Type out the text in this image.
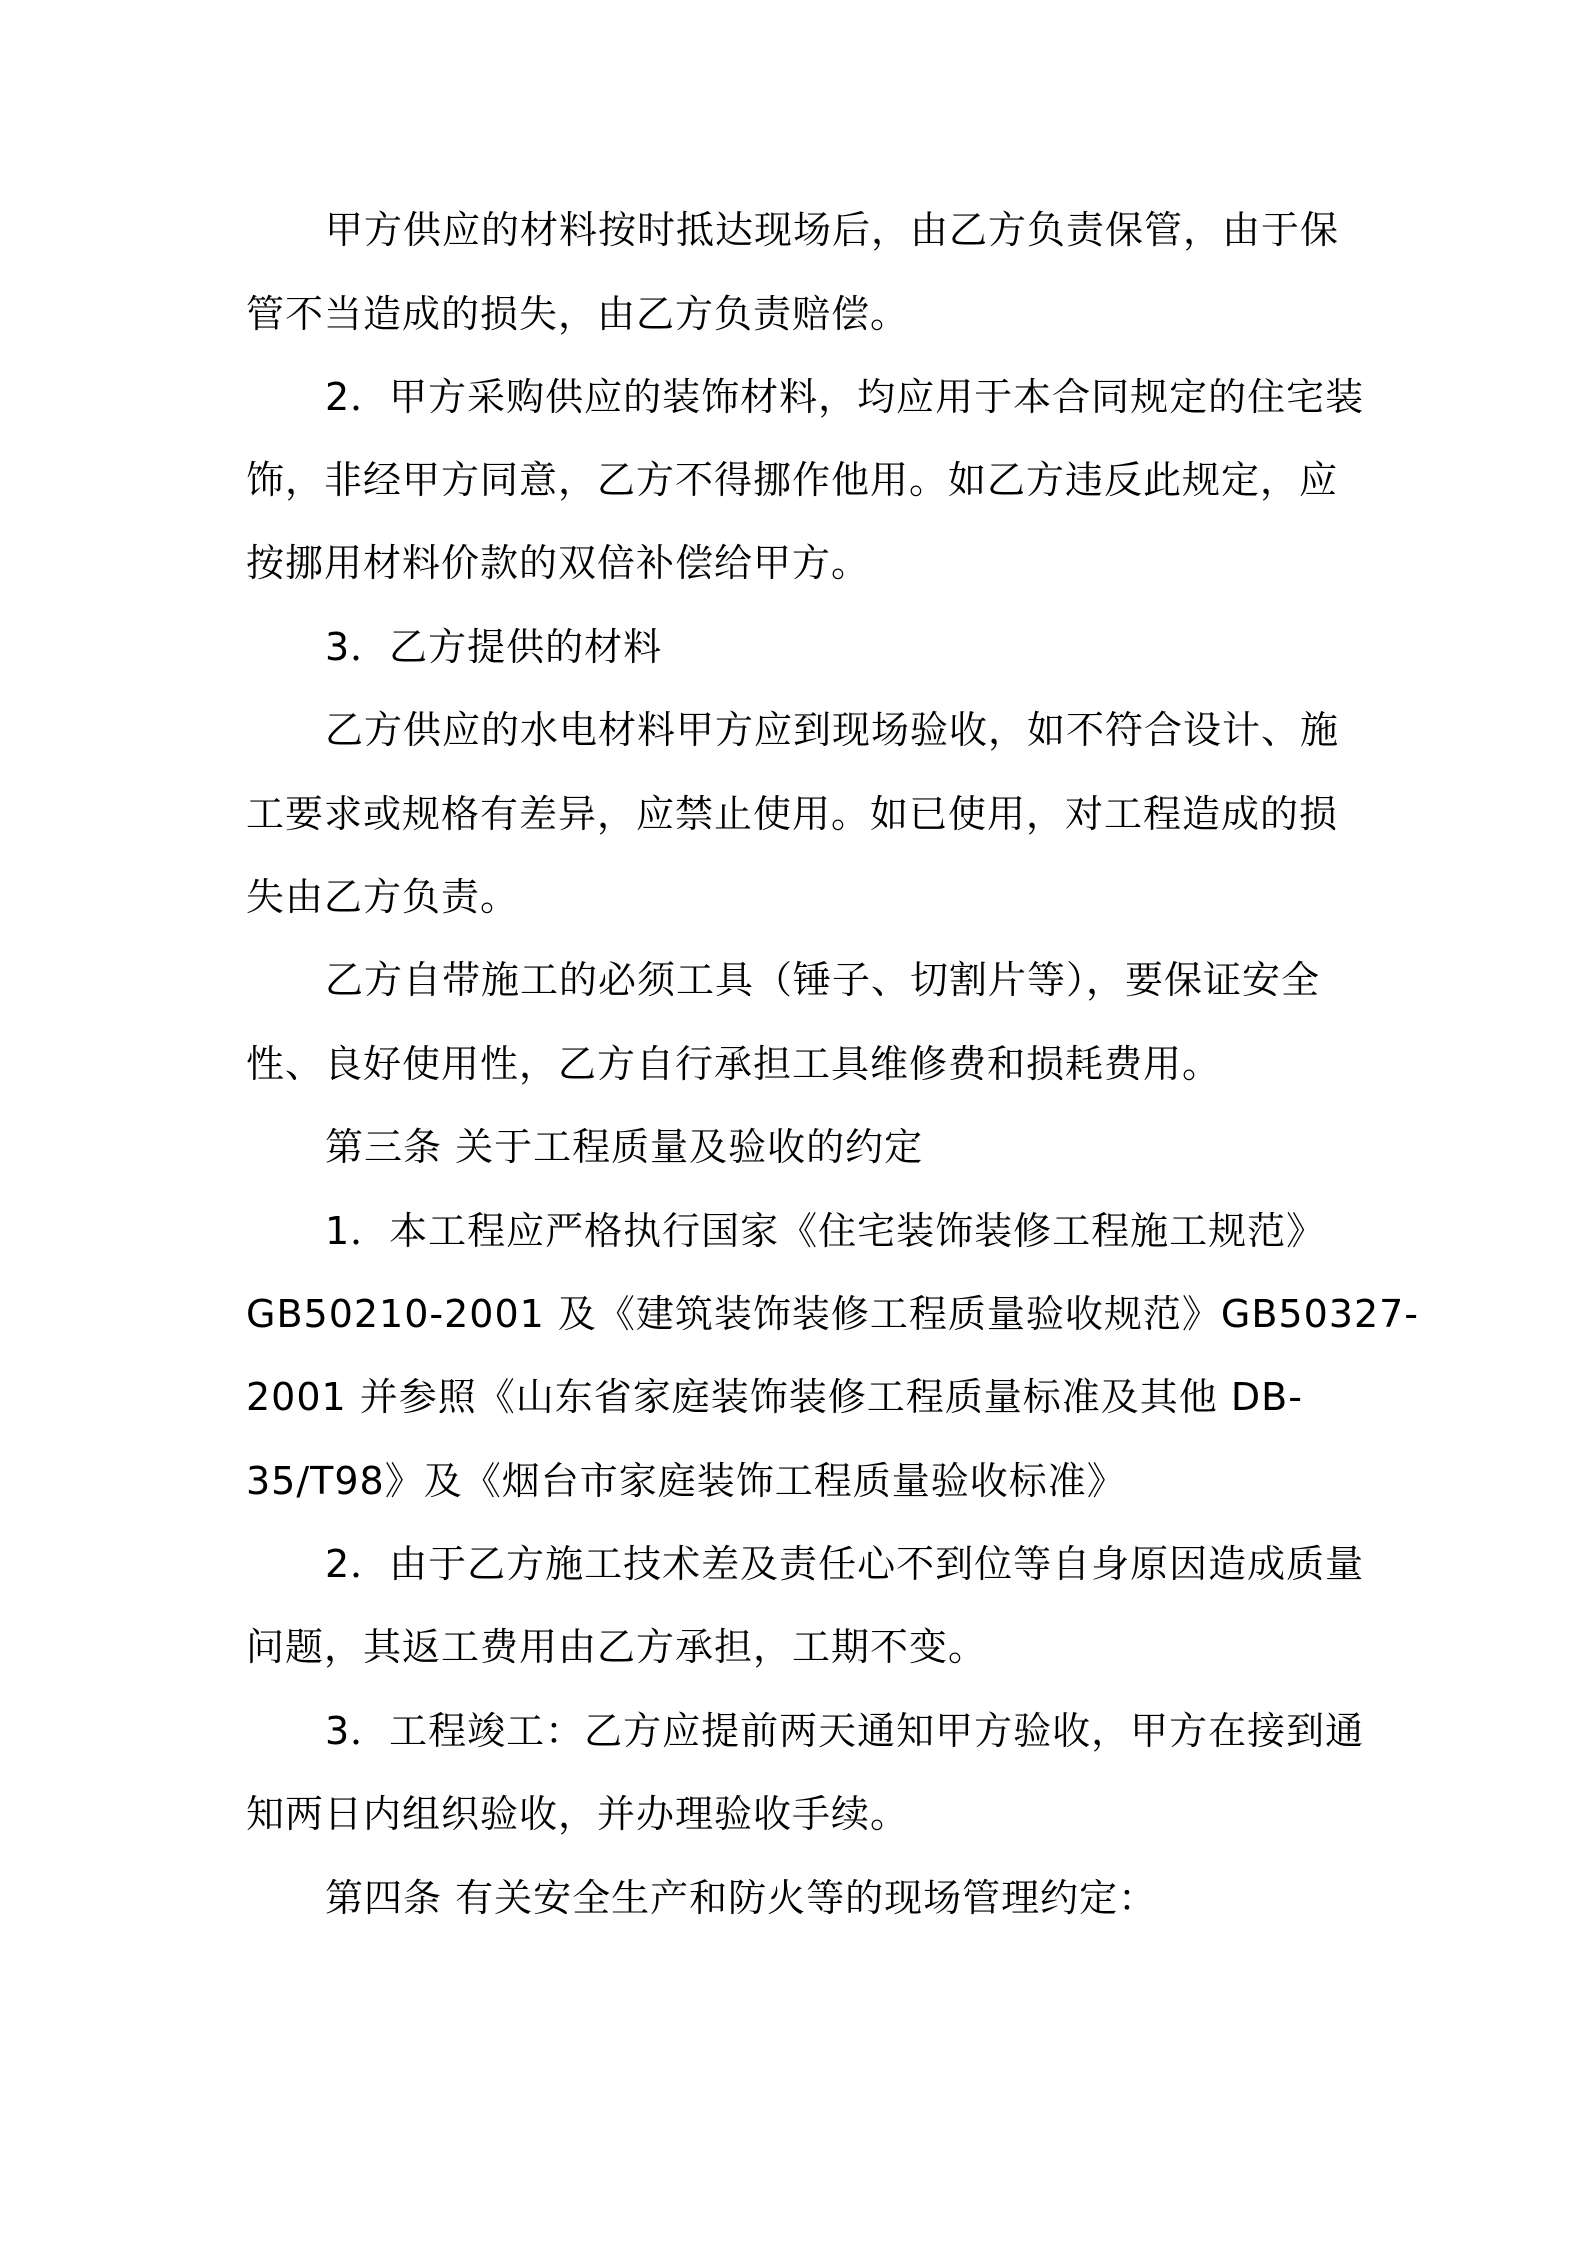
甲方供应的材料按时抵达现场后，由乙方负责保管，由于保
管不当造成的损失，由乙方负责赔偿。
2．甲方采购供应的装饰材料，均应用于本合同规定的住宅装
饰，非经甲方同意，乙方不得挪作他用。如乙方违反此规定，应
按挪用材料价款的双倍补偿给甲方。
3．乙方提供的材料
乙方供应的水电材料甲方应到现场验收，如不符合设计、施
工要求或规格有差异，应禁止使用。如已使用，对工程造成的损
失由乙方负责。
乙方自带施工的必须工具（锤子、切割片等），要保证安全
性、良好使用性，乙方自行承担工具维修费和损耗费用。
第三条 关于工程质量及验收的约定
1．本工程应严格执行国家《住宅装饰装修工程施工规范》
GB50210-2001 及《建筑装饰装修工程质量验收规范》GB50327-
2001 并参照《山东省家庭装饰装修工程质量标准及其他 DB-
35/T98》及《烟台市家庭装饰工程质量验收标准》
2．由于乙方施工技术差及责任心不到位等自身原因造成质量
问题，其返工费用由乙方承担，工期不变。
3．工程竣工：乙方应提前两天通知甲方验收，甲方在接到通
知两日内组织验收，并办理验收手续。
第四条 有关安全生产和防火等的现场管理约定：
